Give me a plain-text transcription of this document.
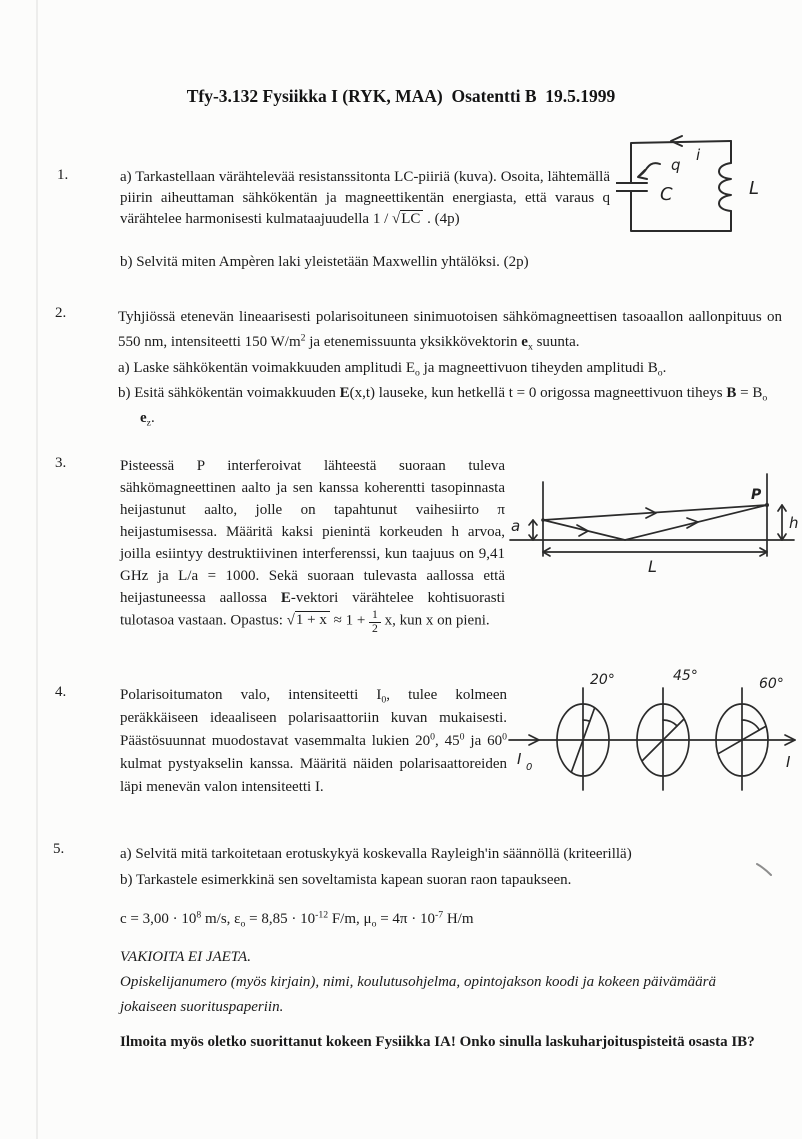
Tfy-3.132 Fysiikka I (RYK, MAA)  Osatentti B  19.5.1999
1.	a) Tarkastellaan värähtelevää resistanssitonta LC-piiriä (kuva). Osoita, lähtemällä piirin aiheuttaman sähkökentän ja magneettikentän energiasta, että varaus q värähtelee harmonisesti kulmataajuudella 1 / √LC . (4p)
b) Selvitä miten Ampèren laki yleistetään Maxwellin yhtälöksi. (2p)
i
q
C	L
2.	Tyhjiössä etenevän lineaarisesti polarisoituneen sinimuotoisen sähkömagneettisen tasoaallon aallonpituus on 550 nm, intensiteetti 150 $W/m^2$ ja etenemissuunta yksikkövektorin $e_x$ suunta.

a) Laske sähkökentän voimakkuuden amplitudi $E_o$ ja magneettivuon tiheyden amplitudi $B_o$.

b) Esitä sähkökentän voimakkuuden E(x,t) lauseke, kun hetkellä t = 0 origossa magneettivuon tiheys $B = B_o$ $e_z$.

3.	Pisteessä P interferoivat lähteestä suoraan tuleva sähkömagneettinen aalto ja sen kanssa koherentti tasopinnasta heijastunut aalto, jolle on tapahtunut vaihesiirto π heijastumisessa. Määritä kaksi pienintä korkeuden h arvoa, joilla esiintyy destruktiivinen interferenssi, kun taajuus on 9,41 GHz ja L/a = 1000. Sekä suoraan tulevasta aallossa että heijastuneessa aallossa E-vektori värähtelee kohtisuorasti tulotasoa vastaan. Opastus: $√1 + x \approx 1 + \frac{1}{2} x$, kun x on pieni.
a	h
P
L
4.	Polarisoitumaton valo, intensiteetti $I_0$, tulee kolmeen peräkkäiseen ideaaliseen polarisaattoriin kuvan mukaisesti. Päästösuunnat muodostavat vasemmalta lukien $20^0$, $45^0$ ja $60^0$ kulmat pystyakselin kanssa. Määritä näiden polarisaattoreiden läpi menevän valon intensiteetti I.
20°	45°	60°
I 0	I
5.	a) Selvitä mitä tarkoitetaan erotuskykyä koskevalla Rayleigh'in säännöllä (kriteerillä)

b) Tarkastele esimerkkinä sen soveltamista kapean suoran raon tapaukseen.

$c = 3,00 \cdot 10^8$ m/s, $\varepsilon_o = 8,85 \cdot 10^{-12}$ F/m, $\mu_o = 4\pi \cdot 10^{-7}$ H/m
VAKIOITA EI JAETA.
Opiskelijanumero (myös kirjain), nimi, koulutusohjelma, opintojakson koodi ja kokeen päivämäärä jokaiseen suorituspaperiin.
Ilmoita myös oletko suorittanut kokeen Fysiikka IA! Onko sinulla laskuharjoituspisteitä osasta IB?
